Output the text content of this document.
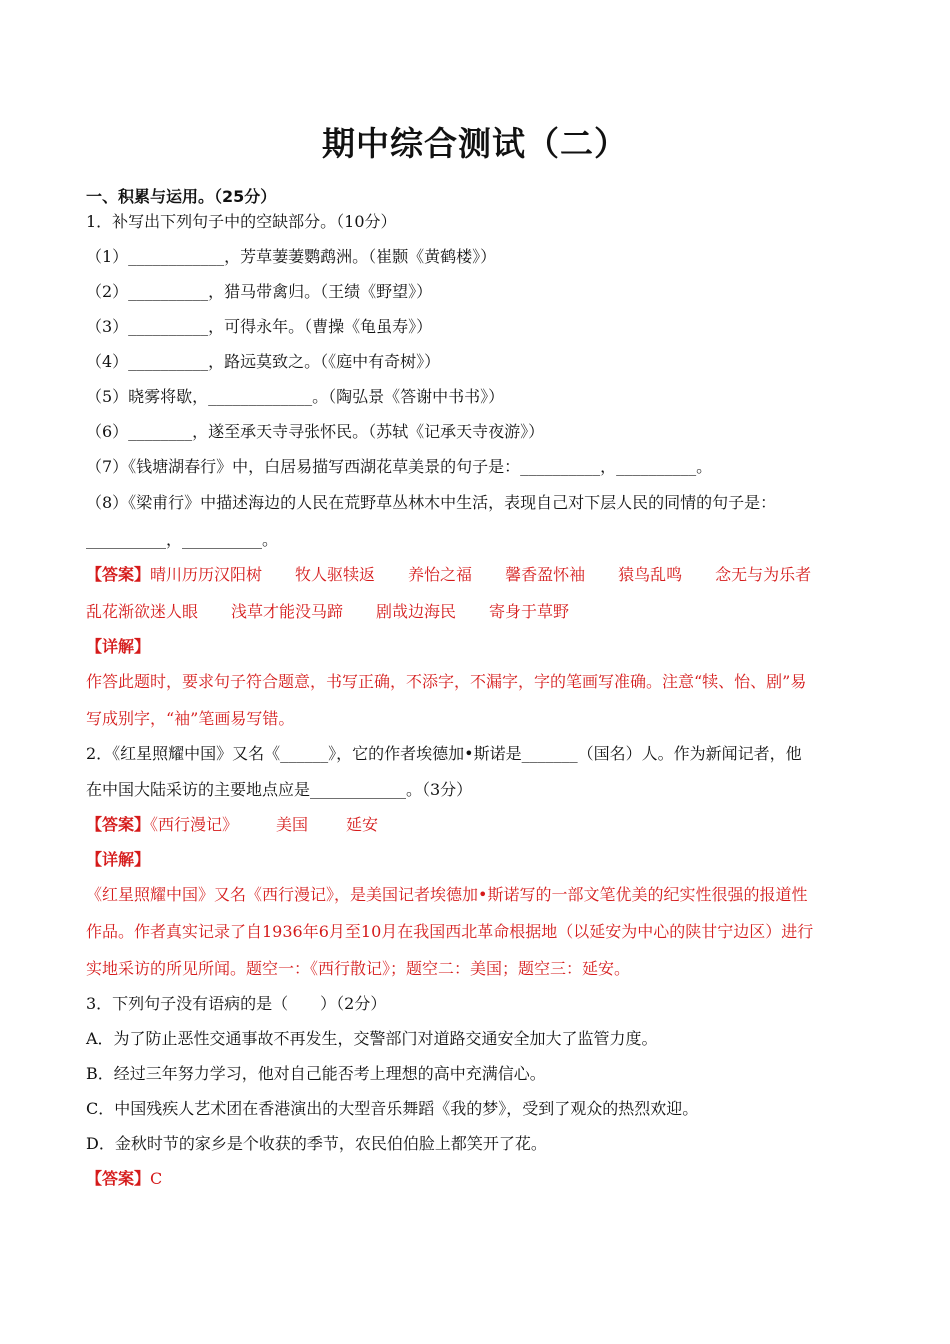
期中综合测试（二）
一、积累与运用。（25分）
1．补写出下列句子中的空缺部分。（10分）
（1）____________，芳草萋萋鹦鹉洲。（崔颢《黄鹤楼》）
（2）__________，猎马带禽归。（王绩《野望》）
（3）__________，可得永年。（曹操《龟虽寿》）
（4）__________，路远莫致之。（《庭中有奇树》）
（5）晓雾将歇，_____________。（陶弘景《答谢中书书》）
（6）________，遂至承天寺寻张怀民。（苏轼《记承天寺夜游》）
（7）《钱塘湖春行》中，白居易描写西湖花草美景的句子是：__________，__________。
（8）《梁甫行》中描述海边的人民在荒野草丛林木中生活，表现自己对下层人民的同情的句子是：
__________，__________。
【答案】晴川历历汉阳树 牧人驱犊返 养怡之福 馨香盈怀袖 猿鸟乱鸣 念无与为乐者
乱花渐欲迷人眼 浅草才能没马蹄 剧哉边海民 寄身于草野
【详解】
作答此题时，要求句子符合题意，书写正确，不添字，不漏字，字的笔画写准确。注意“犊、怡、剧”易
写成别字，“袖”笔画易写错。
2．《红星照耀中国》又名《______》，它的作者埃德加•斯诺是_______（国名）人。作为新闻记者，他
在中国大陆采访的主要地点应是____________。（3分）
【答案】《西行漫记》 美国 延安
【详解】
《红星照耀中国》又名《西行漫记》，是美国记者埃德加•斯诺写的一部文笔优美的纪实性很强的报道性
作品。作者真实记录了自1936年6月至10月在我国西北革命根据地（以延安为中心的陕甘宁边区）进行
实地采访的所见所闻。题空一：《西行散记》；题空二：美国；题空三：延安。
3．下列句子没有语病的是（　　）（2分）
A．为了防止恶性交通事故不再发生，交警部门对道路交通安全加大了监管力度。
B．经过三年努力学习，他对自己能否考上理想的高中充满信心。
C．中国残疾人艺术团在香港演出的大型音乐舞蹈《我的梦》，受到了观众的热烈欢迎。
D．金秋时节的家乡是个收获的季节，农民伯伯脸上都笑开了花。
【答案】C
